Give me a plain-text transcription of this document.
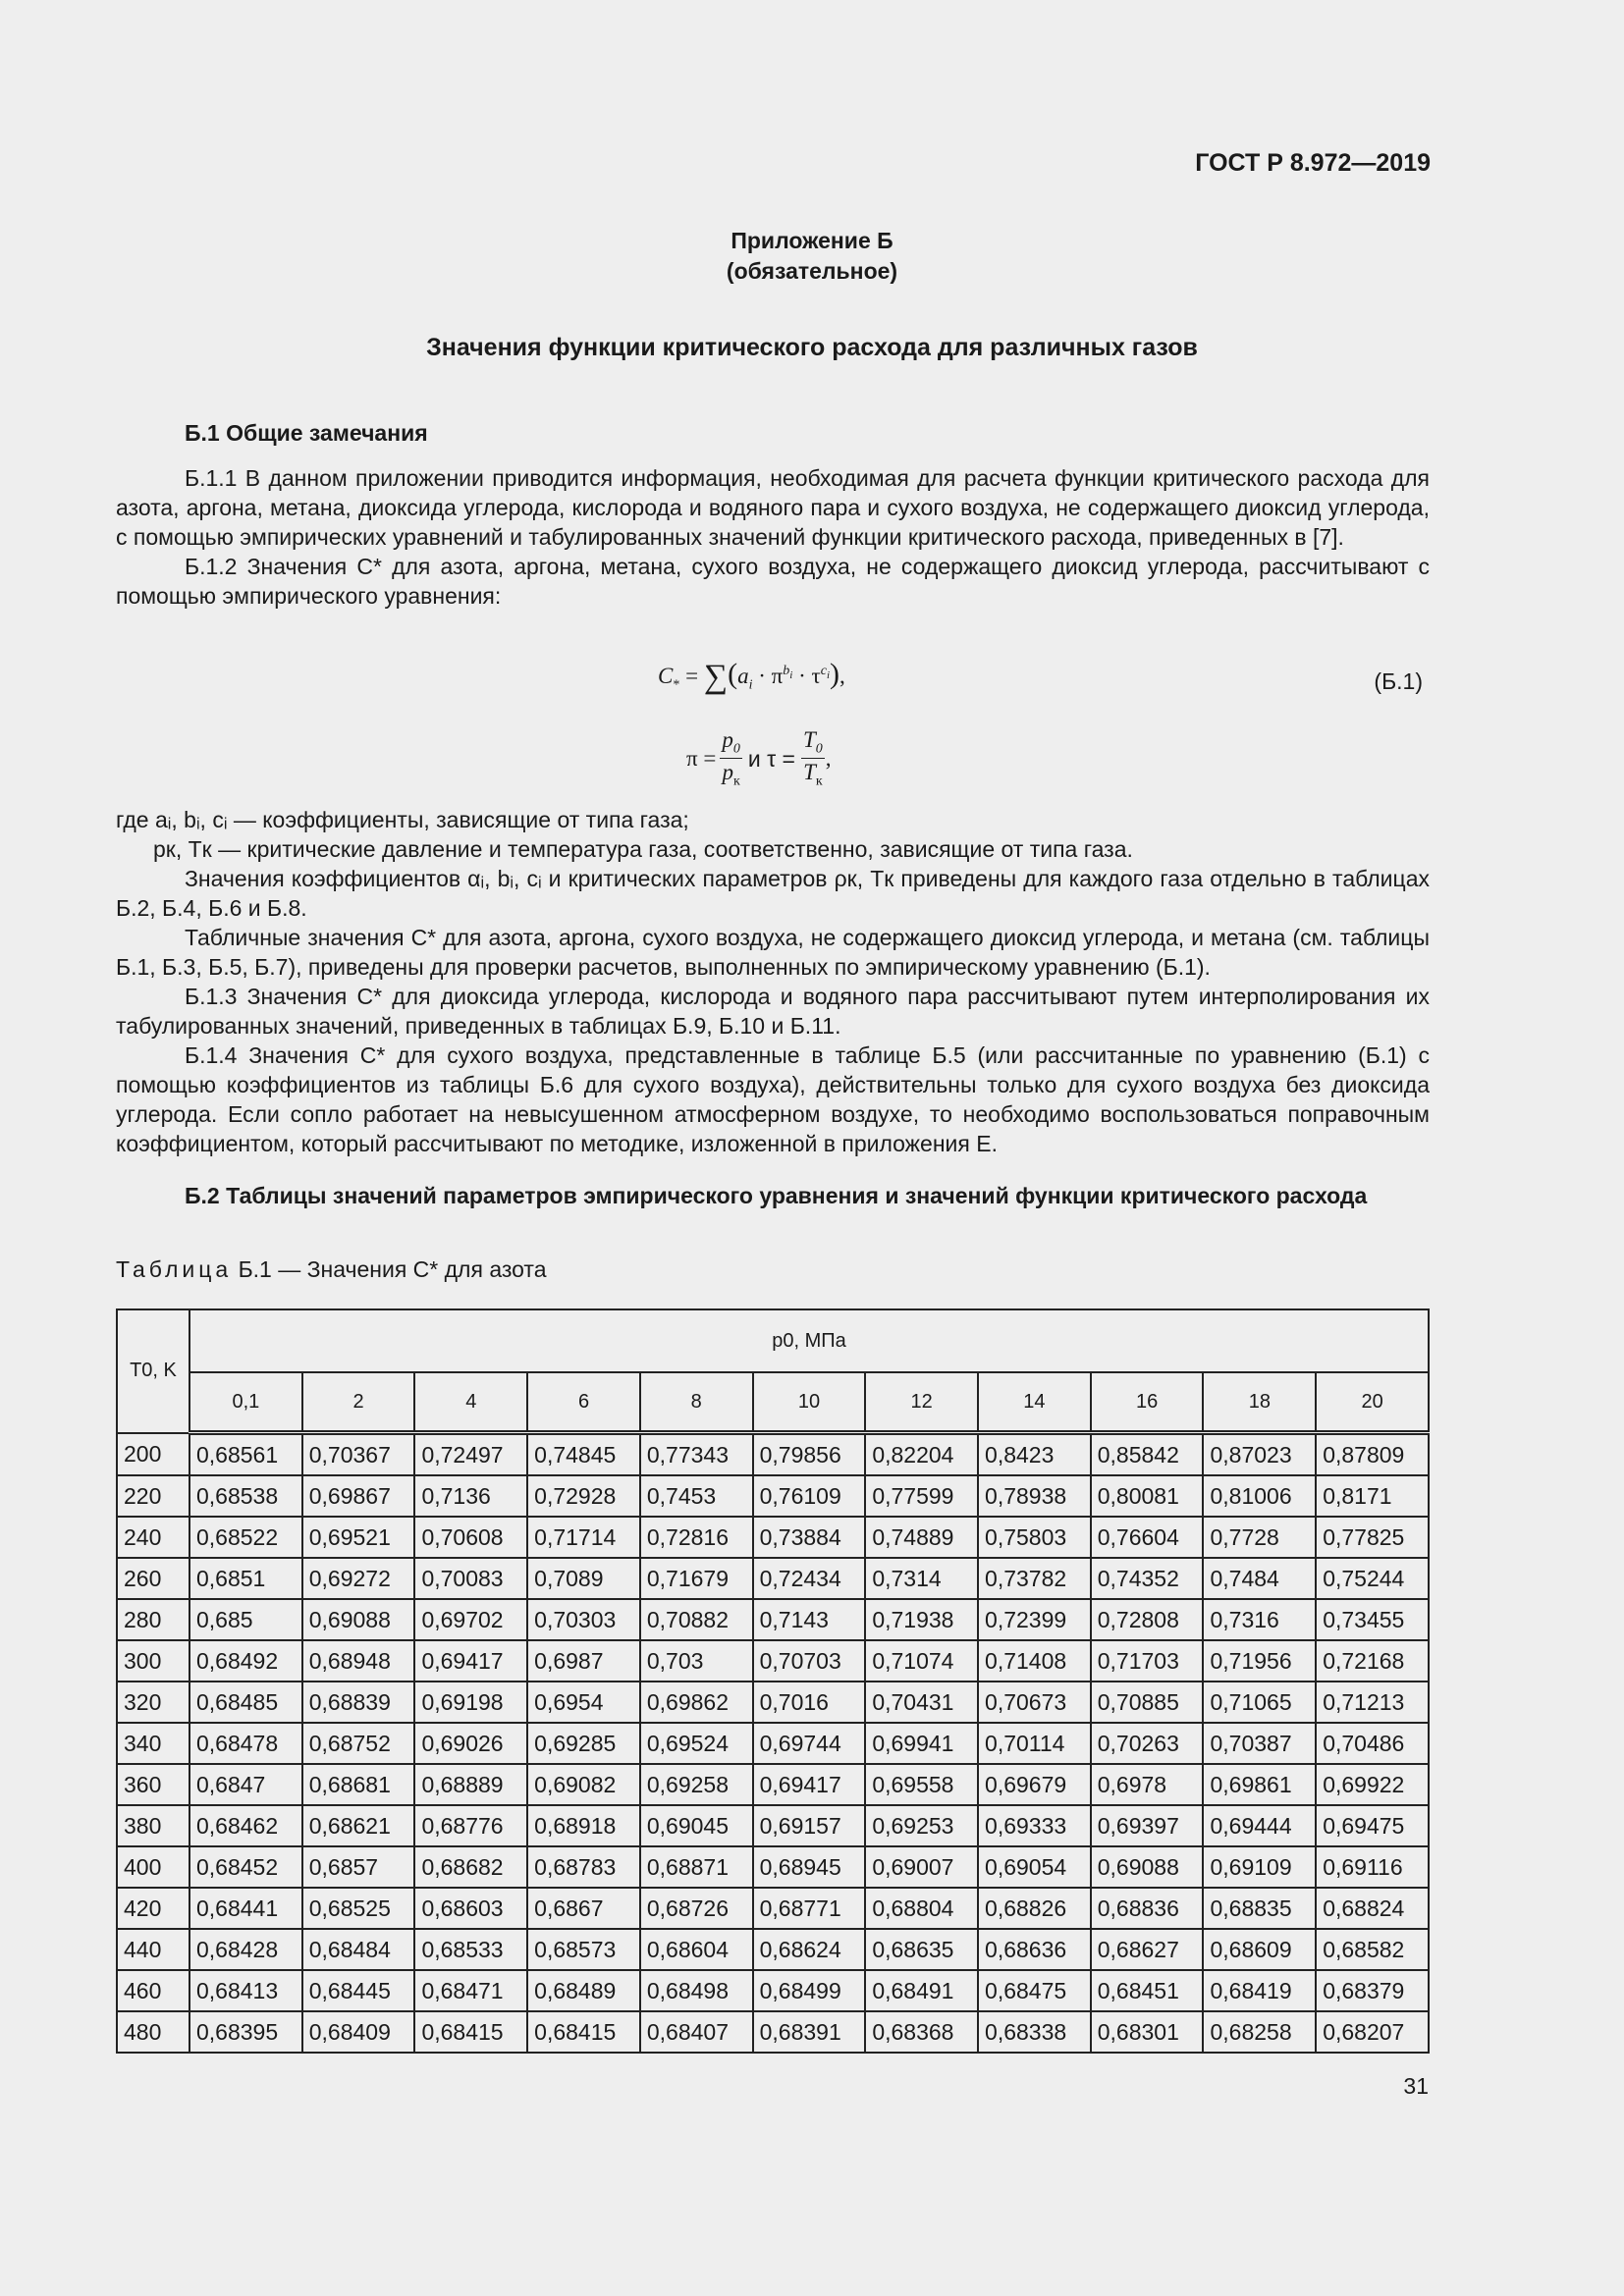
ГОСТ Р 8.972—2019
Приложение Б
(обязательное)
Значения функции критического расхода для различных газов
Б.1 Общие замечания

Б.1.1 В данном приложении приводится информация, необходимая для расчета функции критического расхода для азота, аргона, метана, диоксида углерода, кислорода и водяного пара и сухого воздуха, не содержащего диоксид углерода, с помощью эмпирических уравнений и табулированных значений функции критического расхода, приведенных в [7].

Б.1.2 Значения C* для азота, аргона, метана, сухого воздуха, не содержащего диоксид углерода, рассчитывают с помощью эмпирического уравнения:

$C_* = \sum(a_i \cdot \pi^{b_i} \cdot \tau^{c_i})$,	(Б.1)
π =	$p_0$	и τ =	$T_0$	,
	$p_к$		$T_к$

где aᵢ, bᵢ, cᵢ — коэффициенты, зависящие от типа газа;

pк, Tк — критические давление и температура газа, соответственно, зависящие от типа газа.

Значения коэффициентов αᵢ, bᵢ, cᵢ и критических параметров ρк, Tк приведены для каждого газа отдельно в таблицах Б.2, Б.4, Б.6 и Б.8.

Табличные значения C* для азота, аргона, сухого воздуха, не содержащего диоксид углерода, и метана (см. таблицы Б.1, Б.3, Б.5, Б.7), приведены для проверки расчетов, выполненных по эмпирическому уравнению (Б.1).

Б.1.3 Значения C* для диоксида углерода, кислорода и водяного пара рассчитывают путем интерполирования их табулированных значений, приведенных в таблицах Б.9, Б.10 и Б.11.

Б.1.4 Значения C* для сухого воздуха, представленные в таблице Б.5 (или рассчитанные по уравнению (Б.1) с помощью коэффициентов из таблицы Б.6 для сухого воздуха), действительны только для сухого воздуха без диоксида углерода. Если сопло работает на невысушенном атмосферном воздухе, то необходимо воспользоваться поправочным коэффициентом, который рассчитывают по методике, изложенной в приложения Е.

Б.2 Таблицы значений параметров эмпирического уравнения и значений функции критического расхода
Таблица Б.1 — Значения C* для азота
T0, K	p0, МПа										
	0,1	2	4	6	8	10	12	14	16	18	20
200	0,68561	0,70367	0,72497	0,74845	0,77343	0,79856	0,82204	0,8423	0,85842	0,87023	0,87809
220	0,68538	0,69867	0,7136	0,72928	0,7453	0,76109	0,77599	0,78938	0,80081	0,81006	0,8171
240	0,68522	0,69521	0,70608	0,71714	0,72816	0,73884	0,74889	0,75803	0,76604	0,7728	0,77825
260	0,6851	0,69272	0,70083	0,7089	0,71679	0,72434	0,7314	0,73782	0,74352	0,7484	0,75244
280	0,685	0,69088	0,69702	0,70303	0,70882	0,7143	0,71938	0,72399	0,72808	0,7316	0,73455
300	0,68492	0,68948	0,69417	0,6987	0,703	0,70703	0,71074	0,71408	0,71703	0,71956	0,72168
320	0,68485	0,68839	0,69198	0,6954	0,69862	0,7016	0,70431	0,70673	0,70885	0,71065	0,71213
340	0,68478	0,68752	0,69026	0,69285	0,69524	0,69744	0,69941	0,70114	0,70263	0,70387	0,70486
360	0,6847	0,68681	0,68889	0,69082	0,69258	0,69417	0,69558	0,69679	0,6978	0,69861	0,69922
380	0,68462	0,68621	0,68776	0,68918	0,69045	0,69157	0,69253	0,69333	0,69397	0,69444	0,69475
400	0,68452	0,6857	0,68682	0,68783	0,68871	0,68945	0,69007	0,69054	0,69088	0,69109	0,69116
420	0,68441	0,68525	0,68603	0,6867	0,68726	0,68771	0,68804	0,68826	0,68836	0,68835	0,68824
440	0,68428	0,68484	0,68533	0,68573	0,68604	0,68624	0,68635	0,68636	0,68627	0,68609	0,68582
460	0,68413	0,68445	0,68471	0,68489	0,68498	0,68499	0,68491	0,68475	0,68451	0,68419	0,68379
480	0,68395	0,68409	0,68415	0,68415	0,68407	0,68391	0,68368	0,68338	0,68301	0,68258	0,68207
31
